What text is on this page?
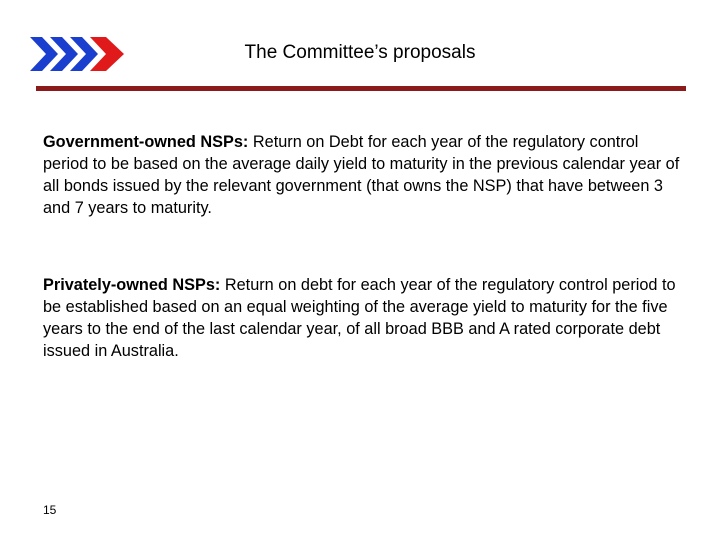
The Committee’s proposals
Government-owned NSPs: Return on Debt for each year of the regulatory control period to be based on the average daily yield to maturity in the previous calendar year of all bonds issued by the relevant government (that owns the NSP) that have between 3 and 7 years to maturity.
Privately-owned NSPs: Return on debt for each year of the regulatory control period to be established based on an equal weighting of the average yield to maturity for the five years to the end of the last calendar year, of all broad BBB and A rated corporate debt issued in Australia.
15
